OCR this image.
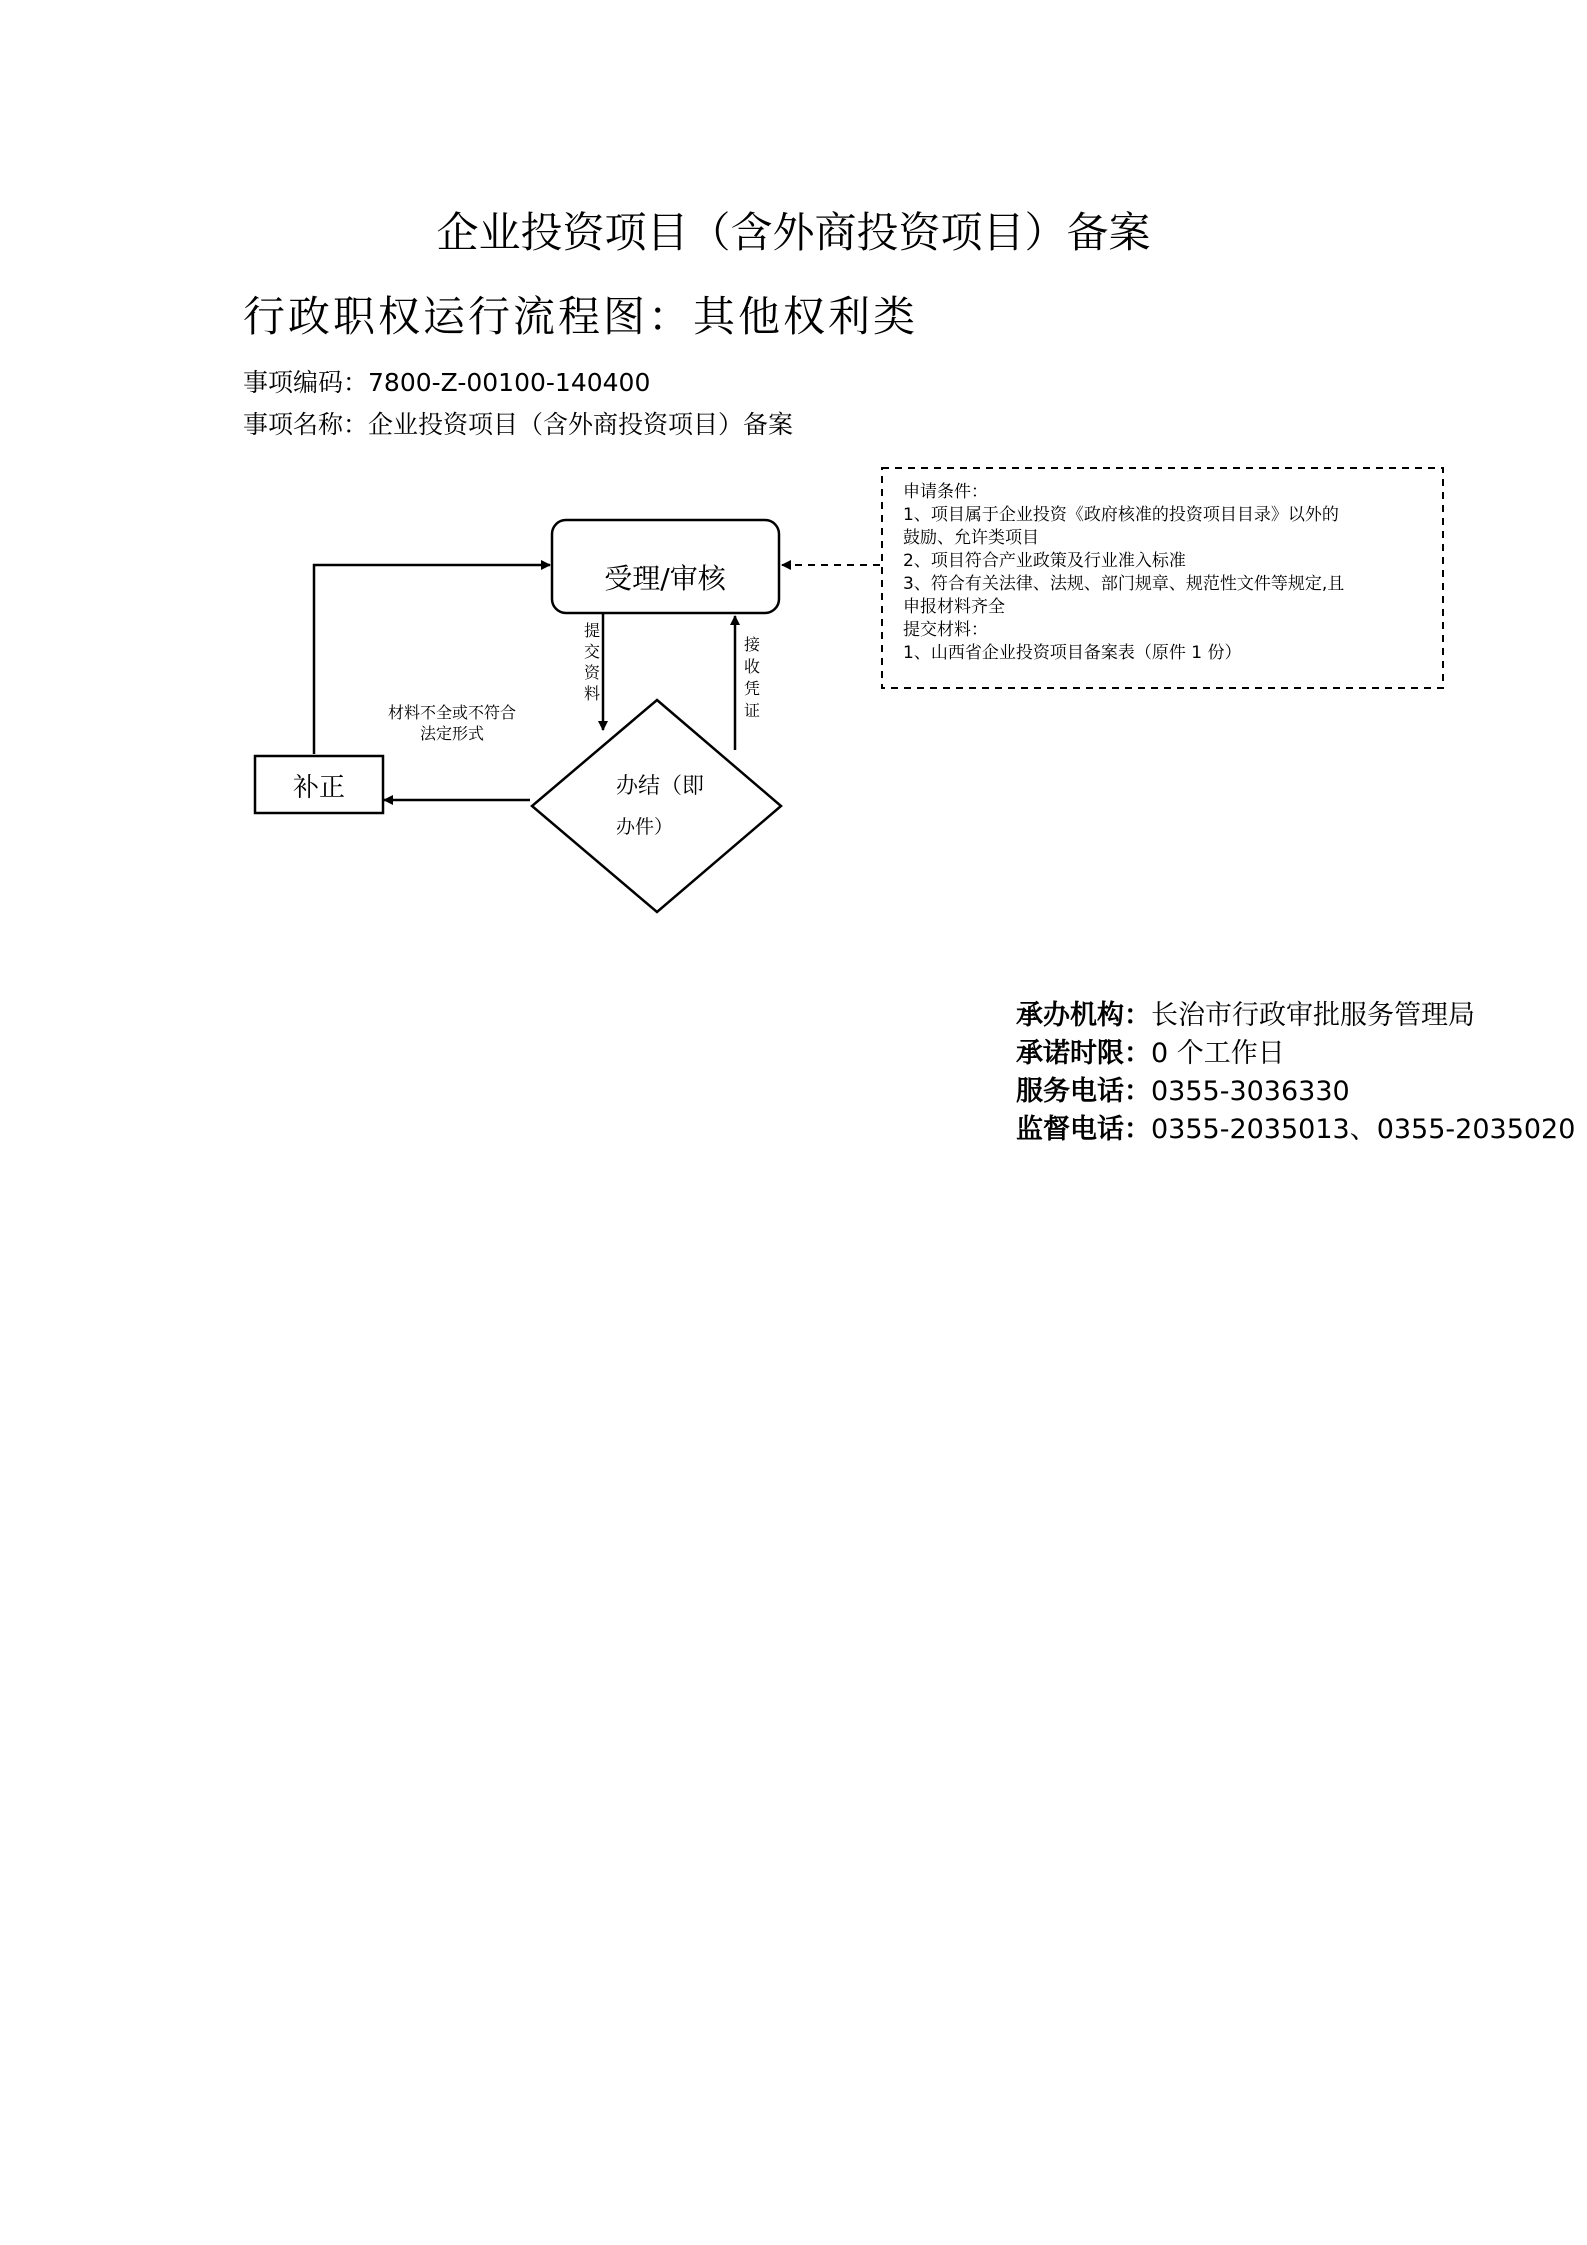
企业投资项目（含外商投资项目）备案
行政职权运行流程图：其他权利类
事项编码：7800-Z-00100-140400
事项名称：企业投资项目（含外商投资项目）备案
受理/审核
办结（即
办件）
补正
提
交
资
料
接
收
凭
证
材料不全或不符合
法定形式
申请条件：
1、项目属于企业投资《政府核准的投资项目目录》以外的
鼓励、允许类项目
2、项目符合产业政策及行业准入标准
3、符合有关法律、法规、部门规章、规范性文件等规定,且
申报材料齐全
提交材料：
1、山西省企业投资项目备案表（原件 1 份）
承办机构：长治市行政审批服务管理局
承诺时限：0 个工作日
服务电话：0355-3036330
监督电话：0355-2035013、0355-2035020
